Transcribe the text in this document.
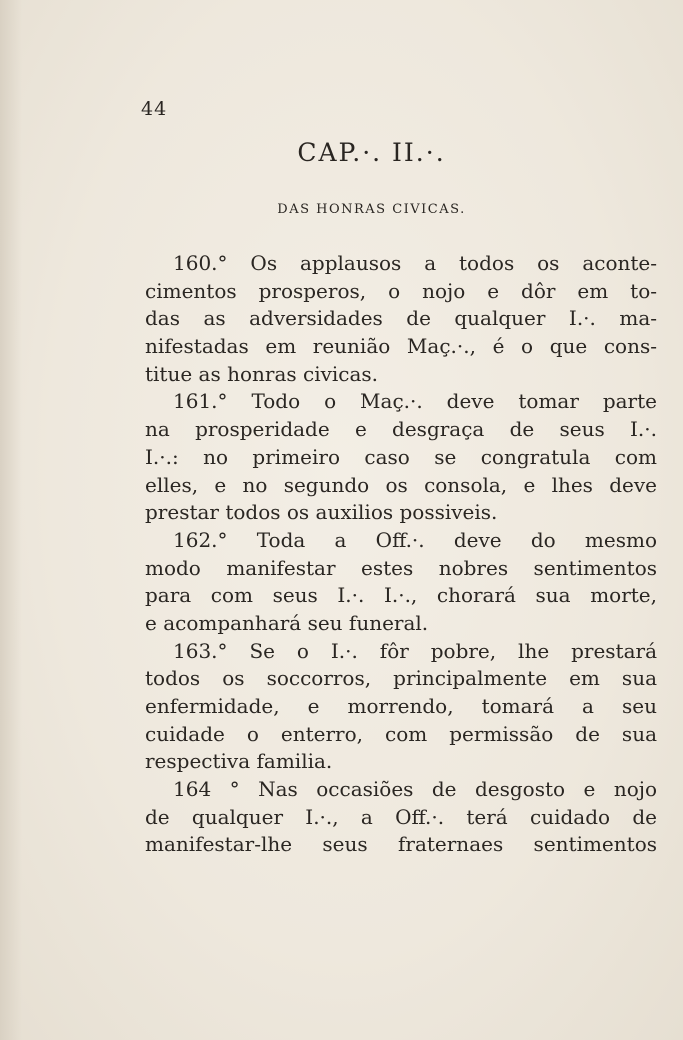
44
CAP.·. II.·.
DAS HONRAS CIVICAS.
160.° Os applausos a todos os aconte-
cimentos prosperos, o nojo e dôr em to-
das as adversidades de qualquer I.·. ma-
nifestadas em reunião Maç.·., é o que cons-
titue as honras civicas.
161.° Todo o Maç.·. deve tomar parte
na prosperidade e desgraça de seus I.·.
I.·.: no primeiro caso se congratula com
elles, e no segundo os consola, e lhes deve
prestar todos os auxilios possiveis.
162.° Toda a Off.·. deve do mesmo
modo manifestar estes nobres sentimentos
para com seus I.·. I.·., chorará sua morte,
e acompanhará seu funeral.
163.° Se o I.·. fôr pobre, lhe prestará
todos os soccorros, principalmente em sua
enfermidade, e morrendo, tomará a seu
cuidade o enterro, com permissão de sua
respectiva familia.
164 ° Nas occasiões de desgosto e nojo
de qualquer I.·., a Off.·. terá cuidado de
manifestar-lhe seus fraternaes sentimentos
